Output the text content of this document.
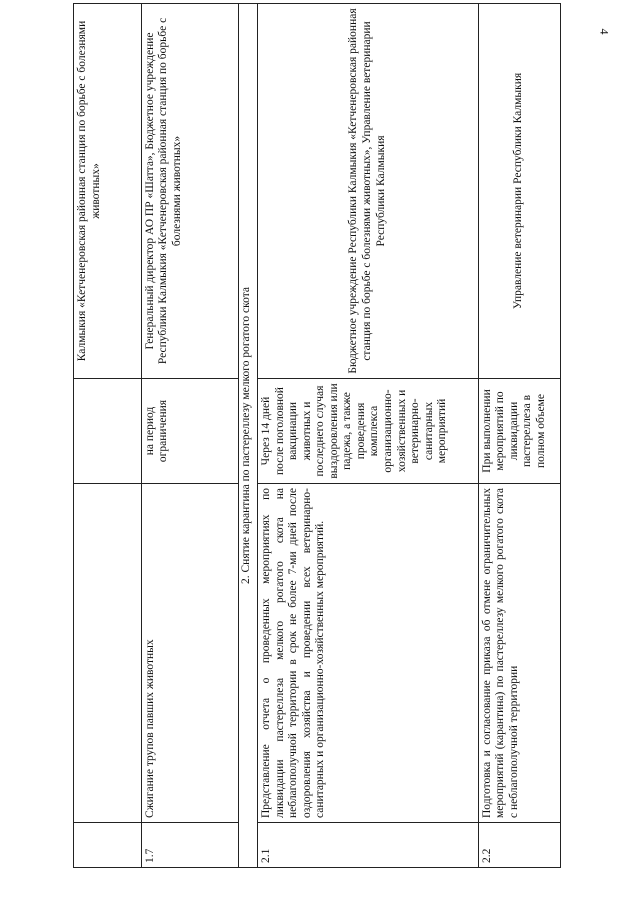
4
			Калмыкия «Кетченеровская районная станция по борьбе с болезнями животных»
1.7	Сжигание трупов павших животных	на период ограничения	Генеральный директор АО ПР «Шатта», Бюджетное учреждение Республики Калмыкия «Кетченеровская районная станция по борьбе с болезнями животных»
2. Снятие карантина по пастереллезу мелкого рогатого скота			
2.1	Представление отчета о проведенных мероприятиях по ликвидации пастереллеза мелкого рогатого скота на неблагополучной территории в срок не более 7-ми дней после оздоровления хозяйства и проведении всех ветеринарно-санитарных и организационно-хозяйственных мероприятий.	Через 14 дней после поголовной вакцинации животных и последнего случая выздоровления или падежа, а также проведения комплекса организационно-хозяйственных и ветеринарно-санитарных мероприятий	Бюджетное учреждение Республики Калмыкия «Кетченеровская районная станция по борьбе с болезнями животных», Управление ветеринарии Республики Калмыкия
2.2	Подготовка и согласование приказа об отмене ограничительных мероприятий (карантина) по пастереллезу мелкого рогатого скота с неблагополучной территории	При выполнении мероприятий по ликвидации пастереллеза в полном объеме	Управление ветеринарии Республики Калмыкия
